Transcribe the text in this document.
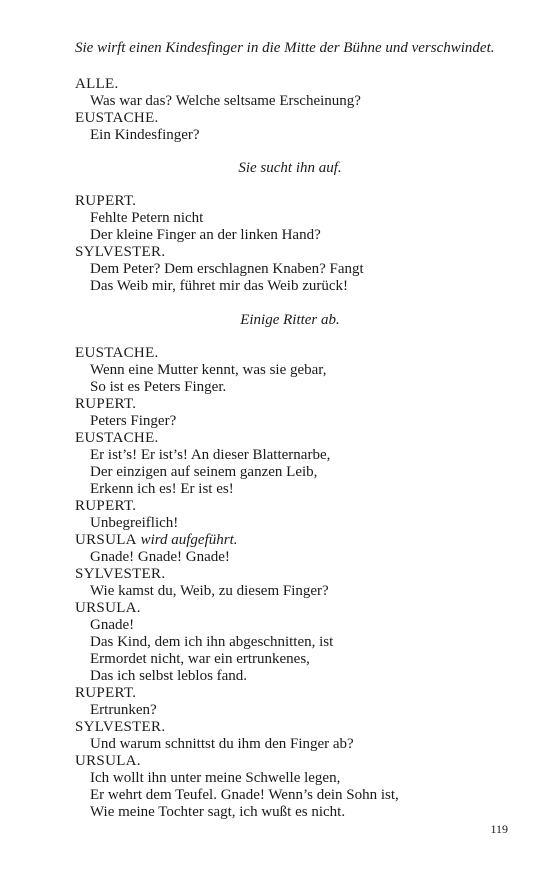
Sie wirft einen Kindesfinger in die Mitte der Bühne und verschwindet.
ALLE.
Was war das? Welche seltsame Erscheinung?
EUSTACHE.
Ein Kindesfinger?
Sie sucht ihn auf.
RUPERT.
Fehlte Petern nicht
Der kleine Finger an der linken Hand?
SYLVESTER.
Dem Peter? Dem erschlagnen Knaben? Fangt
Das Weib mir, führet mir das Weib zurück!
Einige Ritter ab.
EUSTACHE.
Wenn eine Mutter kennt, was sie gebar,
So ist es Peters Finger.
RUPERT.
Peters Finger?
EUSTACHE.
Er ist’s! Er ist’s! An dieser Blatternarbe,
Der einzigen auf seinem ganzen Leib,
Erkenn ich es! Er ist es!
RUPERT.
Unbegreiflich!
URSULA wird aufgeführt.
Gnade! Gnade! Gnade!
SYLVESTER.
Wie kamst du, Weib, zu diesem Finger?
URSULA.
Gnade!
Das Kind, dem ich ihn abgeschnitten, ist
Ermordet nicht, war ein ertrunkenes,
Das ich selbst leblos fand.
RUPERT.
Ertrunken?
SYLVESTER.
Und warum schnittst du ihm den Finger ab?
URSULA.
Ich wollt ihn unter meine Schwelle legen,
Er wehrt dem Teufel. Gnade! Wenn’s dein Sohn ist,
Wie meine Tochter sagt, ich wußt es nicht.
119
